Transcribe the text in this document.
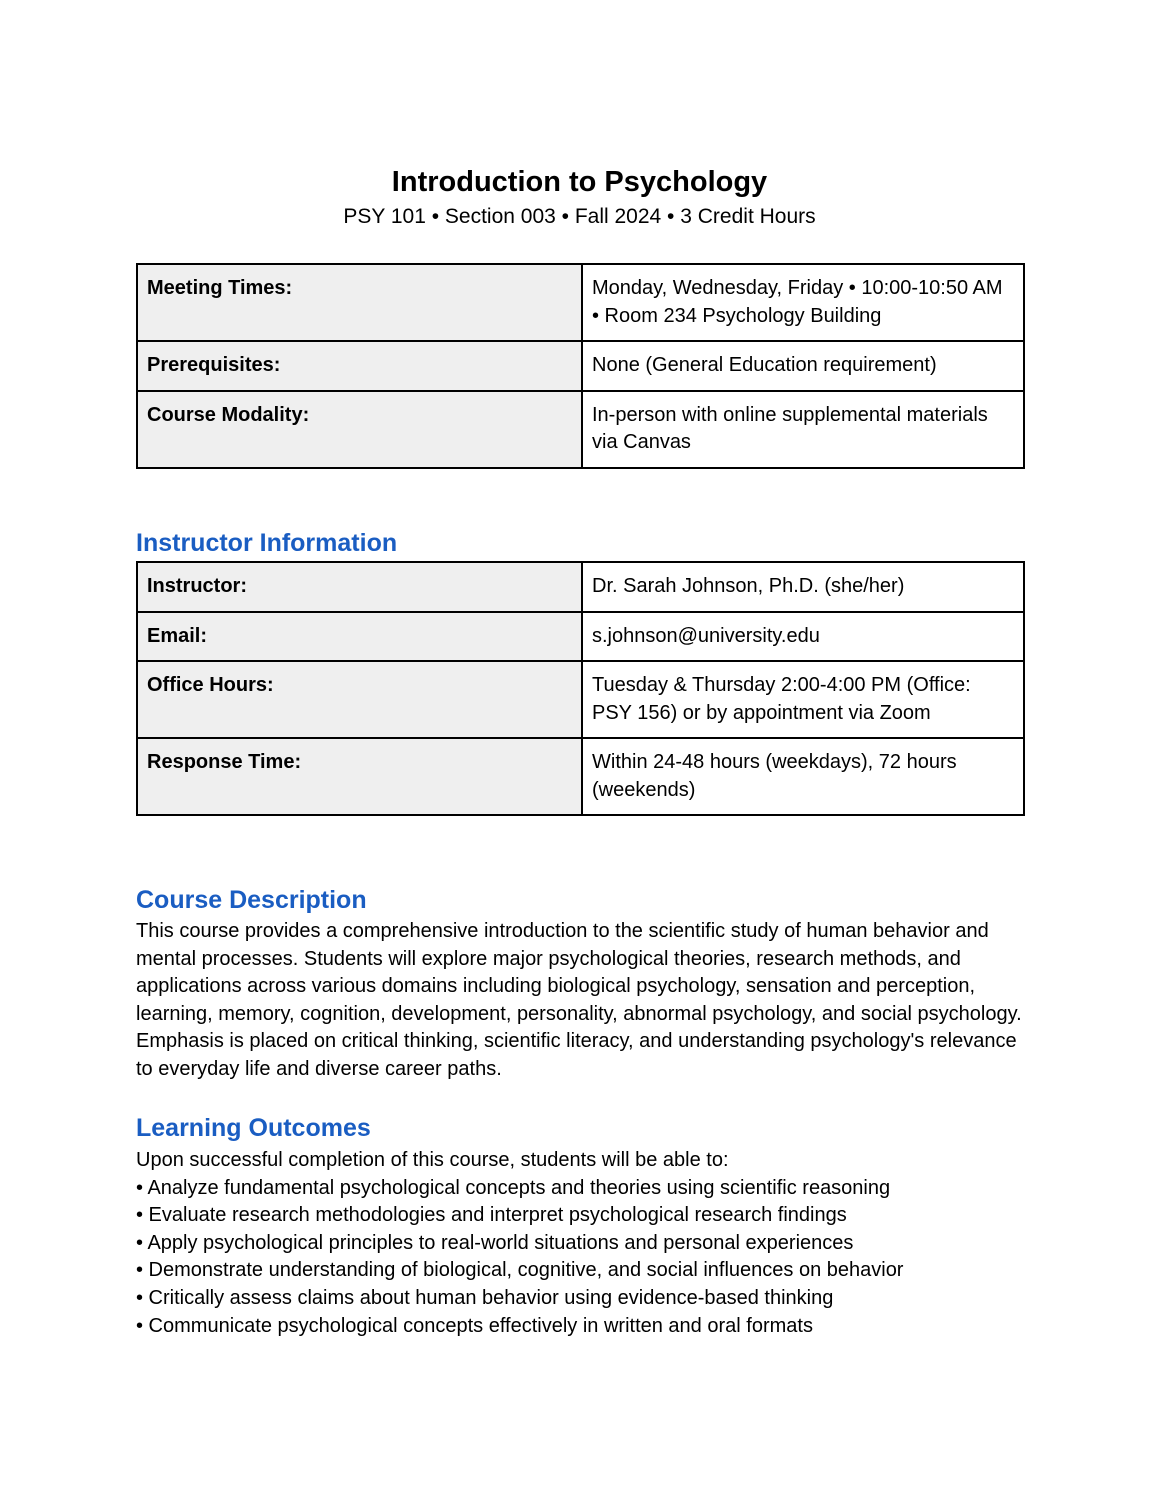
Introduction to Psychology
PSY 101 • Section 003 • Fall 2024 • 3 Credit Hours
Meeting Times:	Monday, Wednesday, Friday • 10:00-10:50 AM • Room 234 Psychology Building
Prerequisites:	None (General Education requirement)
Course Modality:	In-person with online supplemental materials via Canvas
Instructor Information
Instructor:	Dr. Sarah Johnson, Ph.D. (she/her)
Email:	s.johnson@university.edu
Office Hours:	Tuesday & Thursday 2:00-4:00 PM (Office: PSY 156) or by appointment via Zoom
Response Time:	Within 24-48 hours (weekdays), 72 hours (weekends)
Course Description

This course provides a comprehensive introduction to the scientific study of human behavior and mental processes. Students will explore major psychological theories, research methods, and applications across various domains including biological psychology, sensation and perception, learning, memory, cognition, development, personality, abnormal psychology, and social psychology. Emphasis is placed on critical thinking, scientific literacy, and understanding psychology's relevance to everyday life and diverse career paths.

Learning Outcomes
Upon successful completion of this course, students will be able to:
• Analyze fundamental psychological concepts and theories using scientific reasoning
• Evaluate research methodologies and interpret psychological research findings
• Apply psychological principles to real-world situations and personal experiences
• Demonstrate understanding of biological, cognitive, and social influences on behavior
• Critically assess claims about human behavior using evidence-based thinking
• Communicate psychological concepts effectively in written and oral formats
